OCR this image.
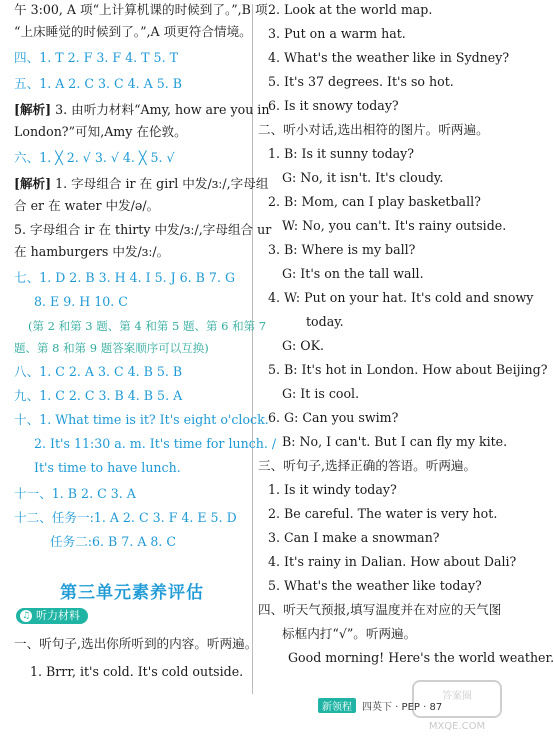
午 3:00, A 项“上计算机课的时候到了。”,B 项
“上床睡觉的时候到了。”,A 项更符合情境。
四、1. T 2. F 3. F 4. T 5. T
五、1. A 2. C 3. C 4. A 5. B
[解析] 3. 由听力材料“Amy, how are you in
London?”可知,Amy 在伦敦。
六、1. ╳ 2. √ 3. √ 4. ╳ 5. √
[解析] 1. 字母组合 ir 在 girl 中发/ɜː/,字母组
合 er 在 water 中发/ə/。
5. 字母组合 ir 在 thirty 中发/ɜː/,字母组合 ur
在 hamburgers 中发/ɜː/。
七、1. D 2. B 3. H 4. I 5. J 6. B 7. G
8. E 9. H 10. C
(第 2 和第 3 题、第 4 和第 5 题、第 6 和第 7
题、第 8 和第 9 题答案顺序可以互换)
八、1. C 2. A 3. C 4. B 5. B
九、1. C 2. C 3. B 4. B 5. A
十、1. What time is it? It's eight o'clock.
2. It's 11:30 a. m. It's time for lunch. /
It's time to have lunch.
十一、1. B 2. C 3. A
十二、任务一:1. A 2. C 3. F 4. E 5. D
任务二:6. B 7. A 8. C
第三单元素养评估
♫ 听力材料
一、听句子,选出你所听到的内容。听两遍。
1. Brrr, it's cold. It's cold outside.
2. Look at the world map.
3. Put on a warm hat.
4. What's the weather like in Sydney?
5. It's 37 degrees. It's so hot.
6. Is it snowy today?
二、听小对话,选出相符的图片。听两遍。
1. B: Is it sunny today?
G: No, it isn't. It's cloudy.
2. B: Mom, can I play basketball?
W: No, you can't. It's rainy outside.
3. B: Where is my ball?
G: It's on the tall wall.
4. W: Put on your hat. It's cold and snowy
today.
G: OK.
5. B: It's hot in London. How about Beijing?
G: It is cool.
6. G: Can you swim?
B: No, I can't. But I can fly my kite.
三、听句子,选择正确的答语。听两遍。
1. Is it windy today?
2. Be careful. The water is very hot.
3. Can I make a snowman?
4. It's rainy in Dalian. How about Dali?
5. What's the weather like today?
四、听天气预报,填写温度并在对应的天气图
标框内打“√”。听两遍。
Good morning! Here's the world weather.
答案圈 MXQE.COM
新领程 四英下 · PEP · 87
